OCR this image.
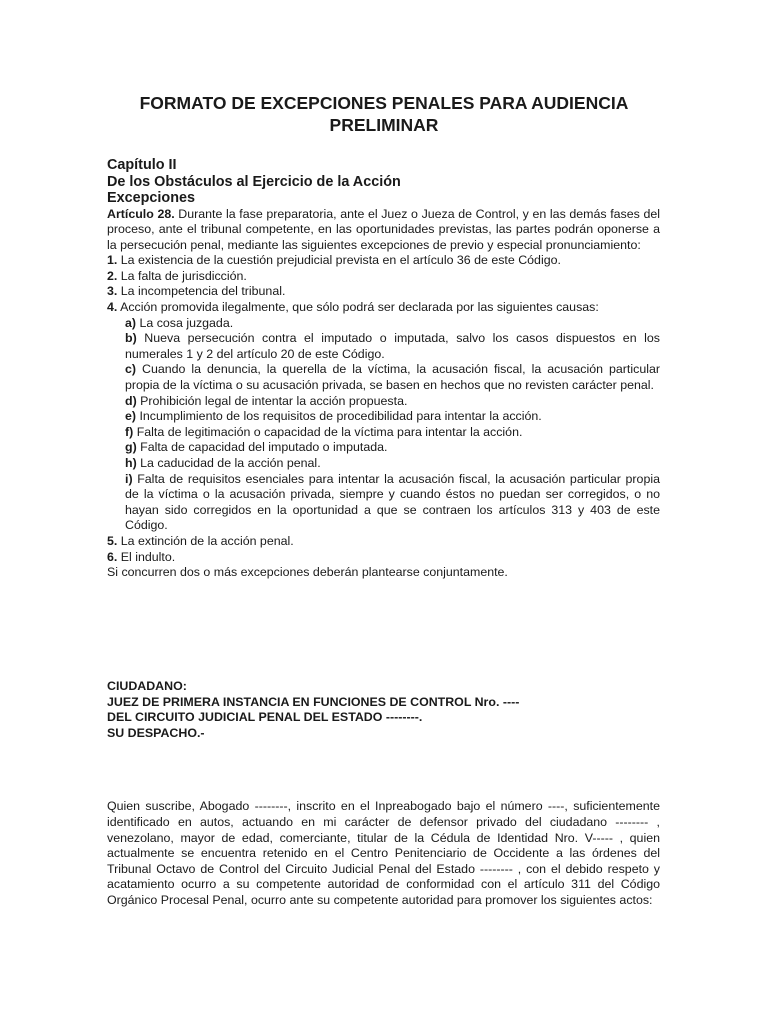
FORMATO DE EXCEPCIONES PENALES PARA AUDIENCIA
PRELIMINAR
Capítulo II
De los Obstáculos al Ejercicio de la Acción
Excepciones

Artículo 28. Durante la fase preparatoria, ante el Juez o Jueza de Control, y en las demás fases del proceso, ante el tribunal competente, en las oportunidades previstas, las partes podrán oponerse a la persecución penal, mediante las siguientes excepciones de previo y especial pronunciamiento:

1. La existencia de la cuestión prejudicial prevista en el artículo 36 de este Código.

2. La falta de jurisdicción.

3. La incompetencia del tribunal.

4. Acción promovida ilegalmente, que sólo podrá ser declarada por las siguientes causas:

a) La cosa juzgada.

b) Nueva persecución contra el imputado o imputada, salvo los casos dispuestos en los numerales 1 y 2 del artículo 20 de este Código.

c) Cuando la denuncia, la querella de la víctima, la acusación fiscal, la acusación particular propia de la víctima o su acusación privada, se basen en hechos que no revisten carácter penal.

d) Prohibición legal de intentar la acción propuesta.

e) Incumplimiento de los requisitos de procedibilidad para intentar la acción.

f) Falta de legitimación o capacidad de la víctima para intentar la acción.

g) Falta de capacidad del imputado o imputada.

h) La caducidad de la acción penal.

i) Falta de requisitos esenciales para intentar la acusación fiscal, la acusación particular propia de la víctima o la acusación privada, siempre y cuando éstos no puedan ser corregidos, o no hayan sido corregidos en la oportunidad a que se contraen los artículos 313 y 403 de este Código.

5. La extinción de la acción penal.

6. El indulto.

Si concurren dos o más excepciones deberán plantearse conjuntamente.

CIUDADANO:
JUEZ DE PRIMERA INSTANCIA EN FUNCIONES DE CONTROL Nro. ----
DEL CIRCUITO JUDICIAL PENAL DEL ESTADO --------.
SU DESPACHO.-

Quien suscribe, Abogado --------, inscrito en el Inpreabogado bajo el número ----, suficientemente identificado en autos, actuando en mi carácter de defensor privado del ciudadano -------- , venezolano, mayor de edad, comerciante, titular de la Cédula de Identidad Nro. V----- , quien actualmente se encuentra retenido en el Centro Penitenciario de Occidente a las órdenes del Tribunal Octavo de Control del Circuito Judicial Penal del Estado -------- , con el debido respeto y acatamiento ocurro a su competente autoridad de conformidad con el artículo 311 del Código Orgánico Procesal Penal, ocurro ante su competente autoridad para promover los siguientes actos:
